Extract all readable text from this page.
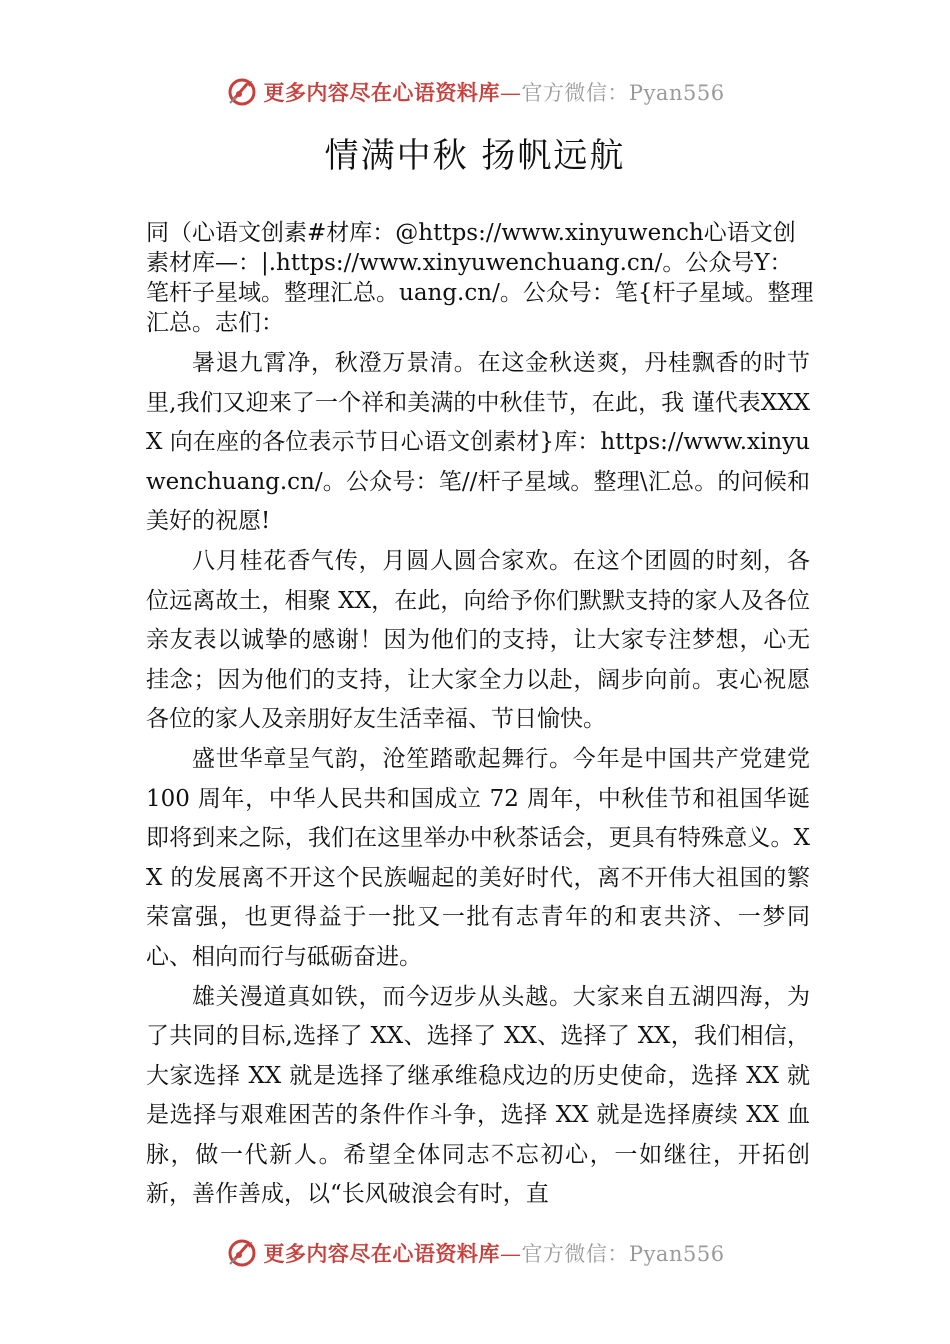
更多内容尽在心语资料库—官方微信：Pyan556
情满中秋 扬帆远航
同（心语文创素#材库：@https://www.xinyuwench心语文创素材库—：|.https://www.xinyuwenchuang.cn/。公众号Y：笔杆子星域。整理汇总。uang.cn/。公众号：笔{杆子星域。整理汇总。志们：

暑退九霄净，秋澄万景清。在这金秋送爽，丹桂飘香的时节里,我们又迎来了一个祥和美满的中秋佳节，在此，我 谨代表XXXX 向在座的各位表示节日心语文创素材}库：https://www.xinyuwenchuang.cn/。公众号：笔//杆子星域。整理\汇总。的问候和美好的祝愿!

八月桂花香气传，月圆人圆合家欢。在这个团圆的时刻，各位远离故土，相聚 XX，在此，向给予你们默默支持的家人及各位亲友表以诚挚的感谢！因为他们的支持，让大家专注梦想，心无挂念；因为他们的支持，让大家全力以赴，阔步向前。衷心祝愿各位的家人及亲朋好友生活幸福、节日愉快。

盛世华章呈气韵，沧笙踏歌起舞行。今年是中国共产党建党 100 周年，中华人民共和国成立 72 周年，中秋佳节和祖国华诞即将到来之际，我们在这里举办中秋茶话会，更具有特殊意义。XX 的发展离不开这个民族崛起的美好时代，离不开伟大祖国的繁荣富强，也更得益于一批又一批有志青年的和衷共济、一梦同心、相向而行与砥砺奋进。

雄关漫道真如铁，而今迈步从头越。大家来自五湖四海，为了共同的目标,选择了 XX、选择了 XX、选择了 XX，我们相信，大家选择 XX 就是选择了继承维稳戍边的历史使命，选择 XX 就是选择与艰难困苦的条件作斗争，选择 XX 就是选择赓续 XX 血脉，做一代新人。希望全体同志不忘初心，一如继往，开拓创新，善作善成，以“长风破浪会有时，直

更多内容尽在心语资料库—官方微信：Pyan556
